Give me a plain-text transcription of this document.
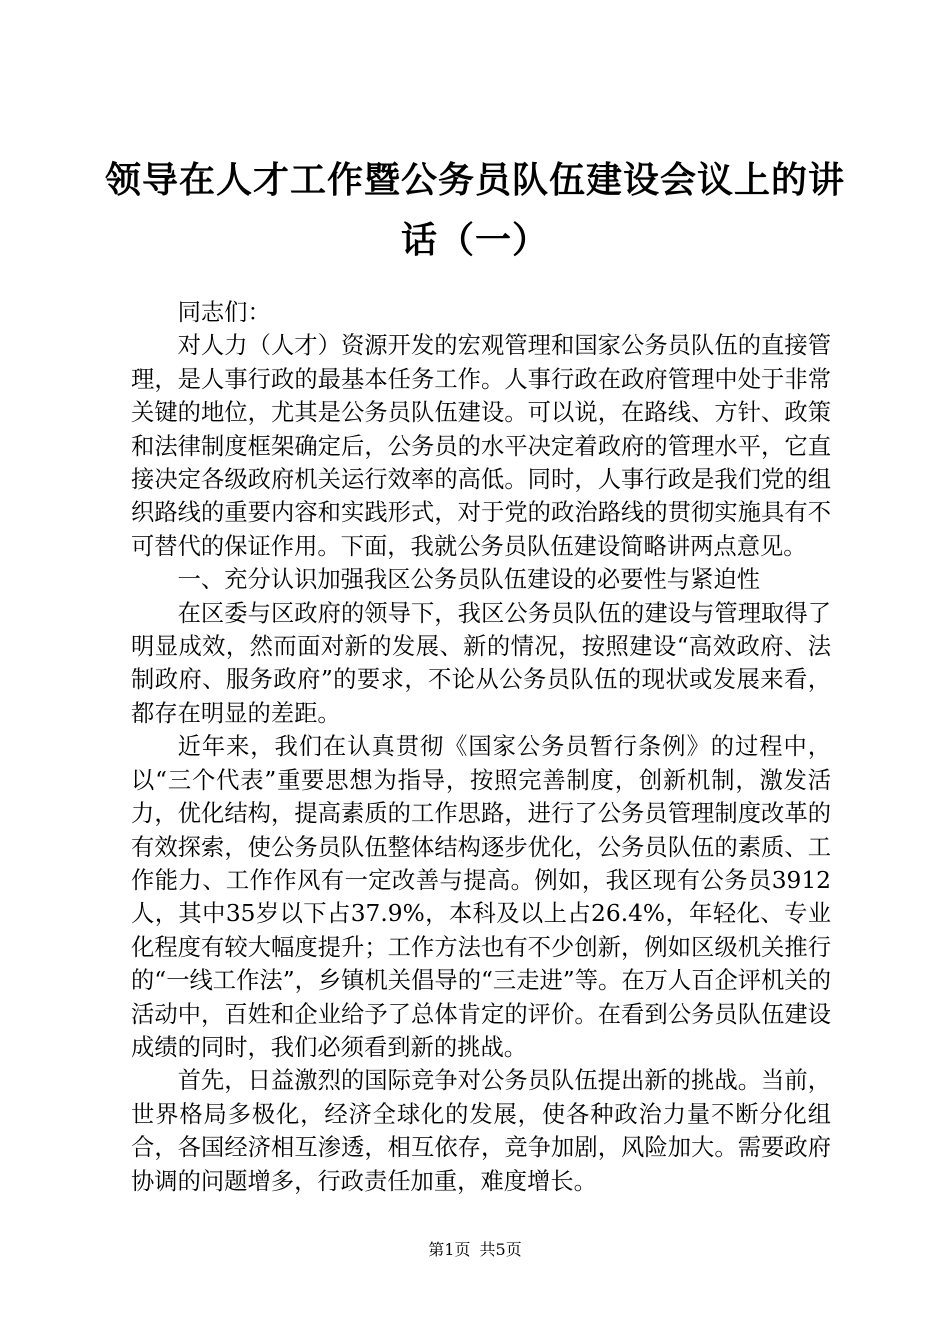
领导在人才工作暨公务员队伍建设会议上的讲
话（一）

同志们：

对人力（人才）资源开发的宏观管理和国家公务员队伍的直接管理，是人事行政的最基本任务工作。人事行政在政府管理中处于非常关键的地位，尤其是公务员队伍建设。可以说，在路线、方针、政策和法律制度框架确定后，公务员的水平决定着政府的管理水平，它直接决定各级政府机关运行效率的高低。同时，人事行政是我们党的组织路线的重要内容和实践形式，对于党的政治路线的贯彻实施具有不可替代的保证作用。下面，我就公务员队伍建设简略讲两点意见。

一、充分认识加强我区公务员队伍建设的必要性与紧迫性

在区委与区政府的领导下，我区公务员队伍的建设与管理取得了明显成效，然而面对新的发展、新的情况，按照建设“高效政府、法制政府、服务政府”的要求，不论从公务员队伍的现状或发展来看，都存在明显的差距。

近年来，我们在认真贯彻《国家公务员暂行条例》的过程中，以“三个代表”重要思想为指导，按照完善制度，创新机制，激发活力，优化结构，提高素质的工作思路，进行了公务员管理制度改革的有效探索，使公务员队伍整体结构逐步优化，公务员队伍的素质、工作能力、工作作风有一定改善与提高。例如，我区现有公务员3912人，其中35岁以下占37.9%，本科及以上占26.4%，年轻化、专业化程度有较大幅度提升；工作方法也有不少创新，例如区级机关推行的“一线工作法”，乡镇机关倡导的“三走进”等。在万人百企评机关的活动中，百姓和企业给予了总体肯定的评价。在看到公务员队伍建设成绩的同时，我们必须看到新的挑战。

首先，日益激烈的国际竞争对公务员队伍提出新的挑战。当前，世界格局多极化，经济全球化的发展，使各种政治力量不断分化组合，各国经济相互渗透，相互依存，竞争加剧，风险加大。需要政府协调的问题增多，行政责任加重，难度增长。

第1页 共5页
